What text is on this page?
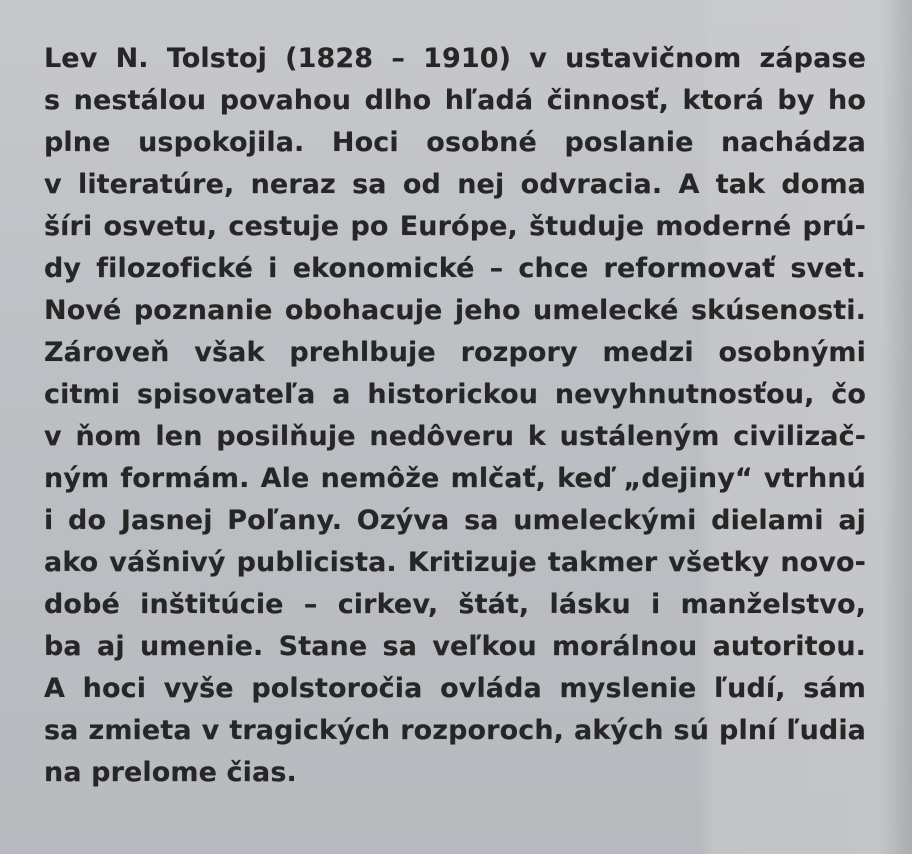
Lev N. Tolstoj (1828 – 1910) v ustavičnom zápase
s nestálou povahou dlho hľadá činnosť, ktorá by ho
plne uspokojila. Hoci osobné poslanie nachádza
v literatúre, neraz sa od nej odvracia. A tak doma
šíri osvetu, cestuje po Európe, študuje moderné prú-
dy filozofické i ekonomické – chce reformovať svet.
Nové poznanie obohacuje jeho umelecké skúsenosti.
Zároveň však prehlbuje rozpory medzi osobnými
citmi spisovateľa a historickou nevyhnutnosťou, čo
v ňom len posilňuje nedôveru k ustáleným civilizač-
ným formám. Ale nemôže mlčať, keď „dejiny“ vtrhnú
i do Jasnej Poľany. Ozýva sa umeleckými dielami aj
ako vášnivý publicista. Kritizuje takmer všetky novo-
dobé inštitúcie – cirkev, štát, lásku i manželstvo,
ba aj umenie. Stane sa veľkou morálnou autoritou.
A hoci vyše polstoročia ovláda myslenie ľudí, sám
sa zmieta v tragických rozporoch, akých sú plní ľudia
na prelome čias.
